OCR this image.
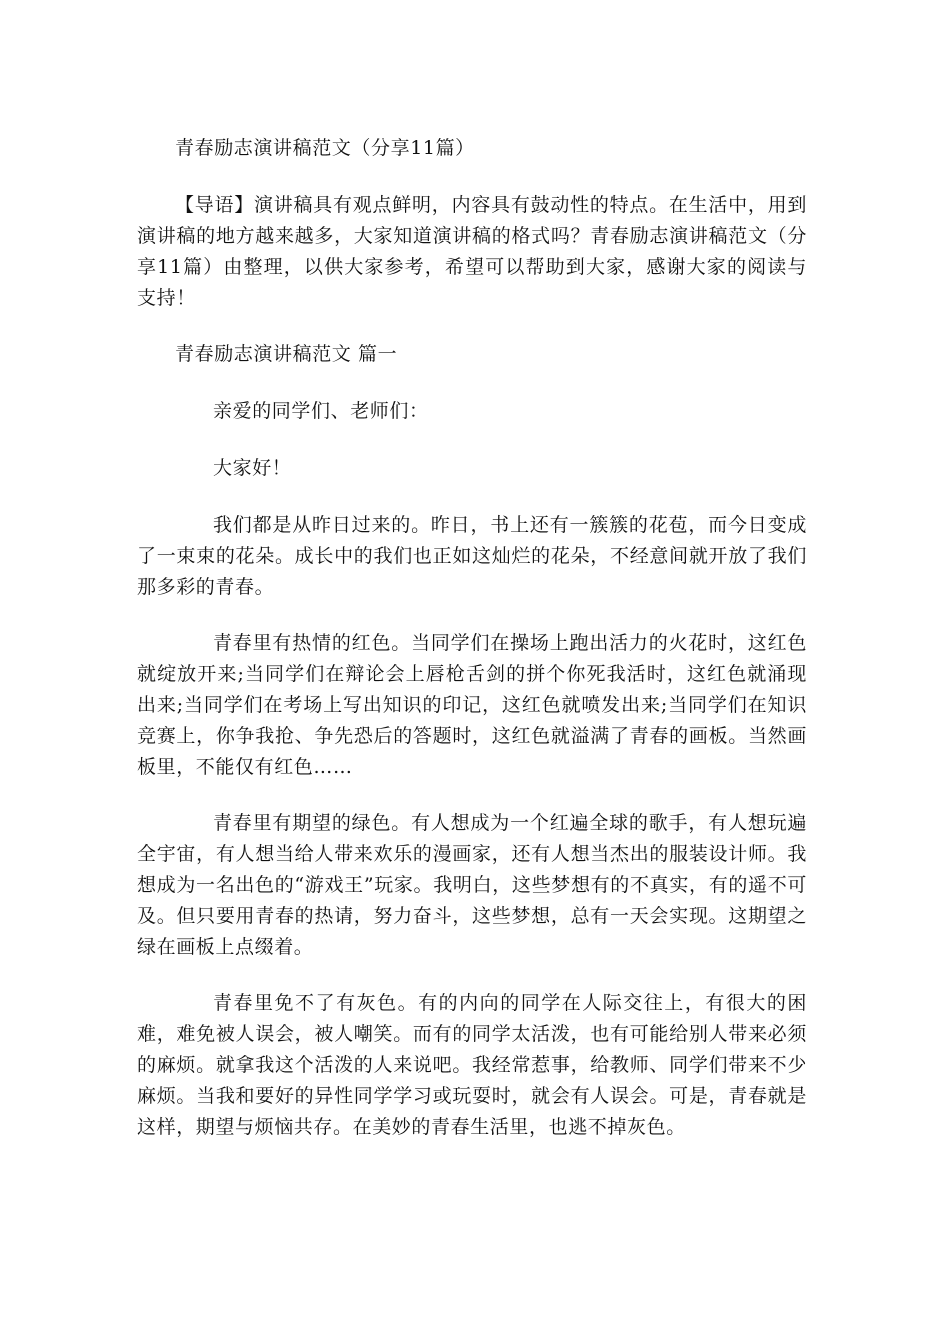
青春励志演讲稿范文（分享11篇）

【导语】演讲稿具有观点鲜明，内容具有鼓动性的特点。在生活中，用到演讲稿的地方越来越多，大家知道演讲稿的格式吗？青春励志演讲稿范文（分享11篇）由整理，以供大家参考，希望可以帮助到大家，感谢大家的阅读与支持！

青春励志演讲稿范文 篇一

亲爱的同学们、老师们：

大家好！

我们都是从昨日过来的。昨日，书上还有一簇簇的花苞，而今日变成了一束束的花朵。成长中的我们也正如这灿烂的花朵，不经意间就开放了我们那多彩的青春。

青春里有热情的红色。当同学们在操场上跑出活力的火花时，这红色就绽放开来;当同学们在辩论会上唇枪舌剑的拼个你死我活时，这红色就涌现出来;当同学们在考场上写出知识的印记，这红色就喷发出来;当同学们在知识竞赛上，你争我抢、争先恐后的答题时，这红色就溢满了青春的画板。当然画板里，不能仅有红色……

青春里有期望的绿色。有人想成为一个红遍全球的歌手，有人想玩遍全宇宙，有人想当给人带来欢乐的漫画家，还有人想当杰出的服装设计师。我想成为一名出色的“游戏王”玩家。我明白，这些梦想有的不真实，有的遥不可及。但只要用青春的热请，努力奋斗，这些梦想，总有一天会实现。这期望之绿在画板上点缀着。

青春里免不了有灰色。有的内向的同学在人际交往上，有很大的困难，难免被人误会，被人嘲笑。而有的同学太活泼，也有可能给别人带来必须的麻烦。就拿我这个活泼的人来说吧。我经常惹事，给教师、同学们带来不少麻烦。当我和要好的异性同学学习或玩耍时，就会有人误会。可是，青春就是这样，期望与烦恼共存。在美妙的青春生活里，也逃不掉灰色。
